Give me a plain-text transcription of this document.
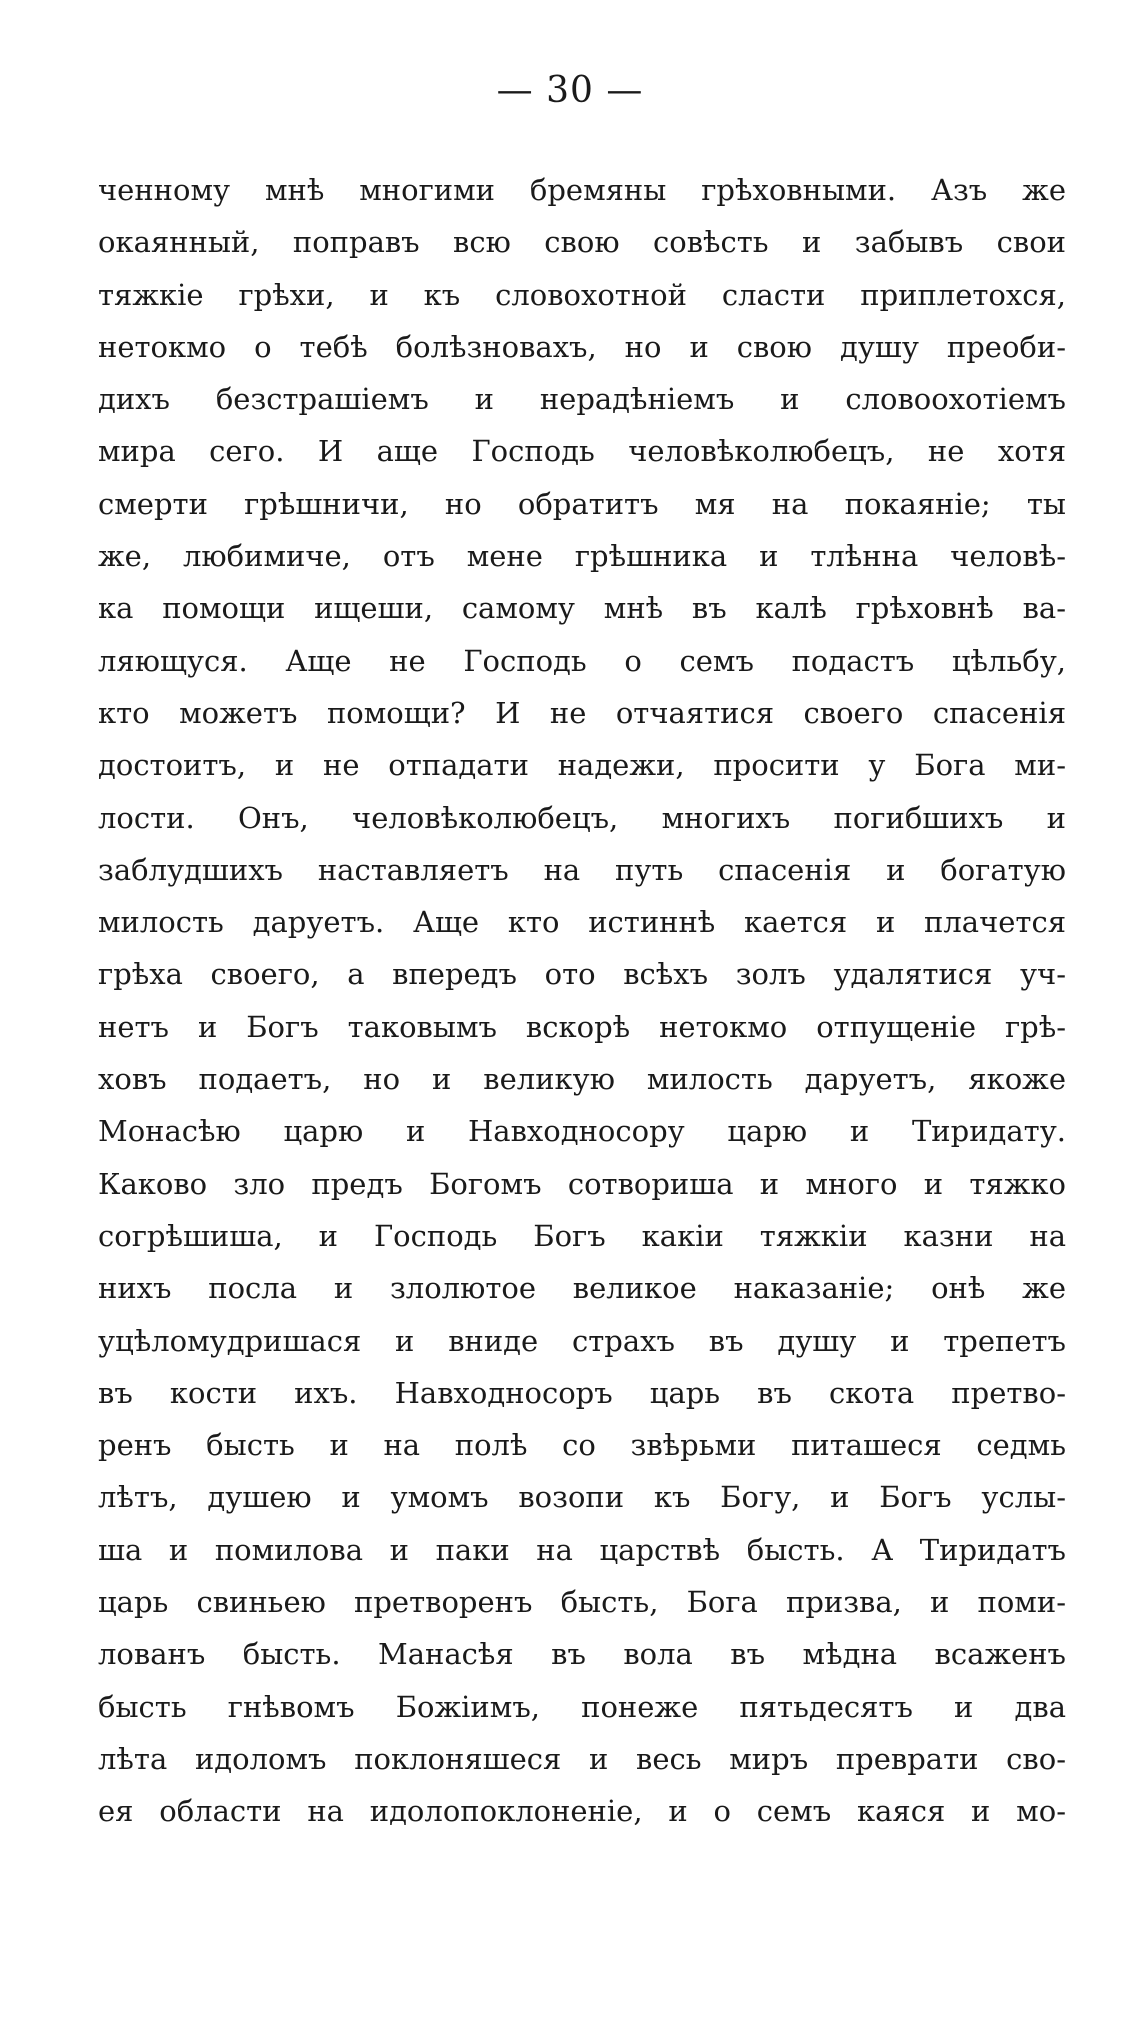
— 30 —
ченному мнѣ многими бремяны грѣховными. Азъ же
окаянный, поправъ всю свою совѣсть и забывъ свои
тяжкіе грѣхи, и къ словохотной сласти приплетохся,
нетокмо о тебѣ болѣзновахъ, но и свою душу преоби-
дихъ безстрашіемъ и нерадѣніемъ и словоохотіемъ
мира сего. И аще Господь человѣколюбецъ, не хотя
смерти грѣшничи, но обратитъ мя на покаяніе; ты
же, любимиче, отъ мене грѣшника и тлѣнна человѣ-
ка помощи ищеши, самому мнѣ въ калѣ грѣховнѣ ва-
ляющуся. Аще не Господь о семъ подастъ цѣльбу,
кто можетъ помощи? И не отчаятися своего спасенія
достоитъ, и не отпадати надежи, просити у Бога ми-
лости. Онъ, человѣколюбецъ, многихъ погибшихъ и
заблудшихъ наставляетъ на путь спасенія и богатую
милость даруетъ. Аще кто истиннѣ кается и плачется
грѣха своего, а впередъ ото всѣхъ золъ удалятися уч-
нетъ и Богъ таковымъ вскорѣ нетокмо отпущеніе грѣ-
ховъ подаетъ, но и великую милость даруетъ, якоже
Монасѣю царю и Навходносору царю и Тиридату.
Каково зло предъ Богомъ сотвориша и много и тяжко
согрѣшиша, и Господь Богъ какіи тяжкіи казни на
нихъ посла и злолютое великое наказаніе; онѣ же
уцѣломудришася и вниде страхъ въ душу и трепетъ
въ кости ихъ. Навходносоръ царь въ скота претво-
ренъ бысть и на полѣ со звѣрьми питашеся седмь
лѣтъ, душею и умомъ возопи къ Богу, и Богъ услы-
ша и помилова и паки на царствѣ бысть. А Тиридатъ
царь свиньею претворенъ бысть, Бога призва, и поми-
лованъ бысть. Манасѣя въ вола въ мѣдна всаженъ
бысть гнѣвомъ Божіимъ, понеже пятьдесятъ и два
лѣта идоломъ поклоняшеся и весь миръ преврати сво-
ея области на идолопоклоненіе, и о семъ каяся и мо-
